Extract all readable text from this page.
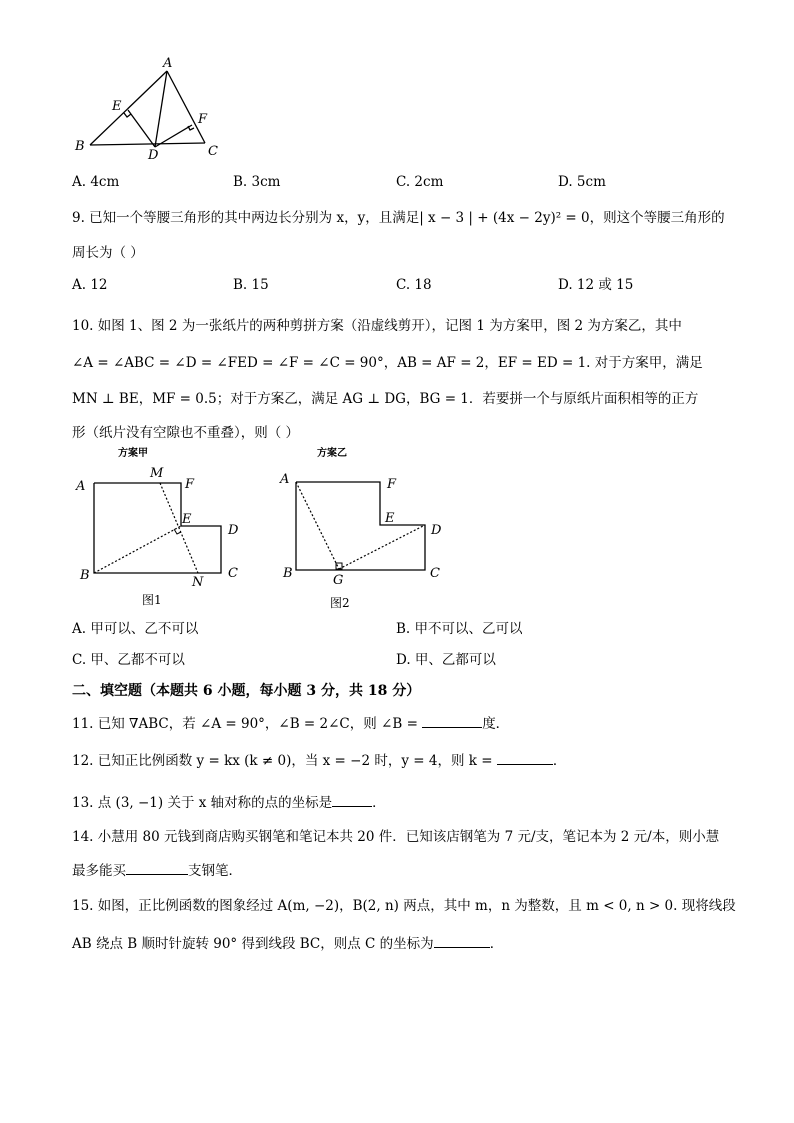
A
B	C
D
E
F
A. 4cm	B. 3cm	C. 2cm	D. 5cm
9. 已知一个等腰三角形的其中两边长分别为 x，y，且满足| x − 3 | + (4x − 2y)² = 0，则这个等腰三角形的
周长为（ ）
A. 12	B. 15	C. 18	D. 12 或 15
10. 如图 1、图 2 为一张纸片的两种剪拼方案（沿虚线剪开），记图 1 为方案甲，图 2 为方案乙，其中
∠A = ∠ABC = ∠D = ∠FED = ∠F = ∠C = 90°，AB = AF = 2，EF = ED = 1. 对于方案甲，满足
MN ⊥ BE，MF = 0.5；对于方案乙，满足 AG ⊥ DG，BG = 1．若要拼一个与原纸片面积相等的正方
形（纸片没有空隙也不重叠），则（ ）
方案甲
A
M
F
E
D
B	N
C
图1
方案乙
A	F
E
D
B	G	C
图2
A. 甲可以、乙不可以	B. 甲不可以、乙可以
C. 甲、乙都不可以	D. 甲、乙都可以
二、填空题（本题共 6 小题，每小题 3 分，共 18 分）
11. 已知 ∇ABC，若 ∠A = 90°，∠B = 2∠C，则 ∠B =	度．
12. 已知正比例函数 y = kx (k ≠ 0)，当 x = −2 时，y = 4，则 k =	．
13. 点 (3, −1) 关于 x 轴对称的点的坐标是	．
14. 小慧用 80 元钱到商店购买钢笔和笔记本共 20 件．已知该店钢笔为 7 元/支，笔记本为 2 元/本，则小慧
最多能买	支钢笔．
15. 如图，正比例函数的图象经过 A(m, −2)，B(2, n) 两点，其中 m，n 为整数，且 m < 0, n > 0. 现将线段
AB 绕点 B 顺时针旋转 90° 得到线段 BC，则点 C 的坐标为	．
